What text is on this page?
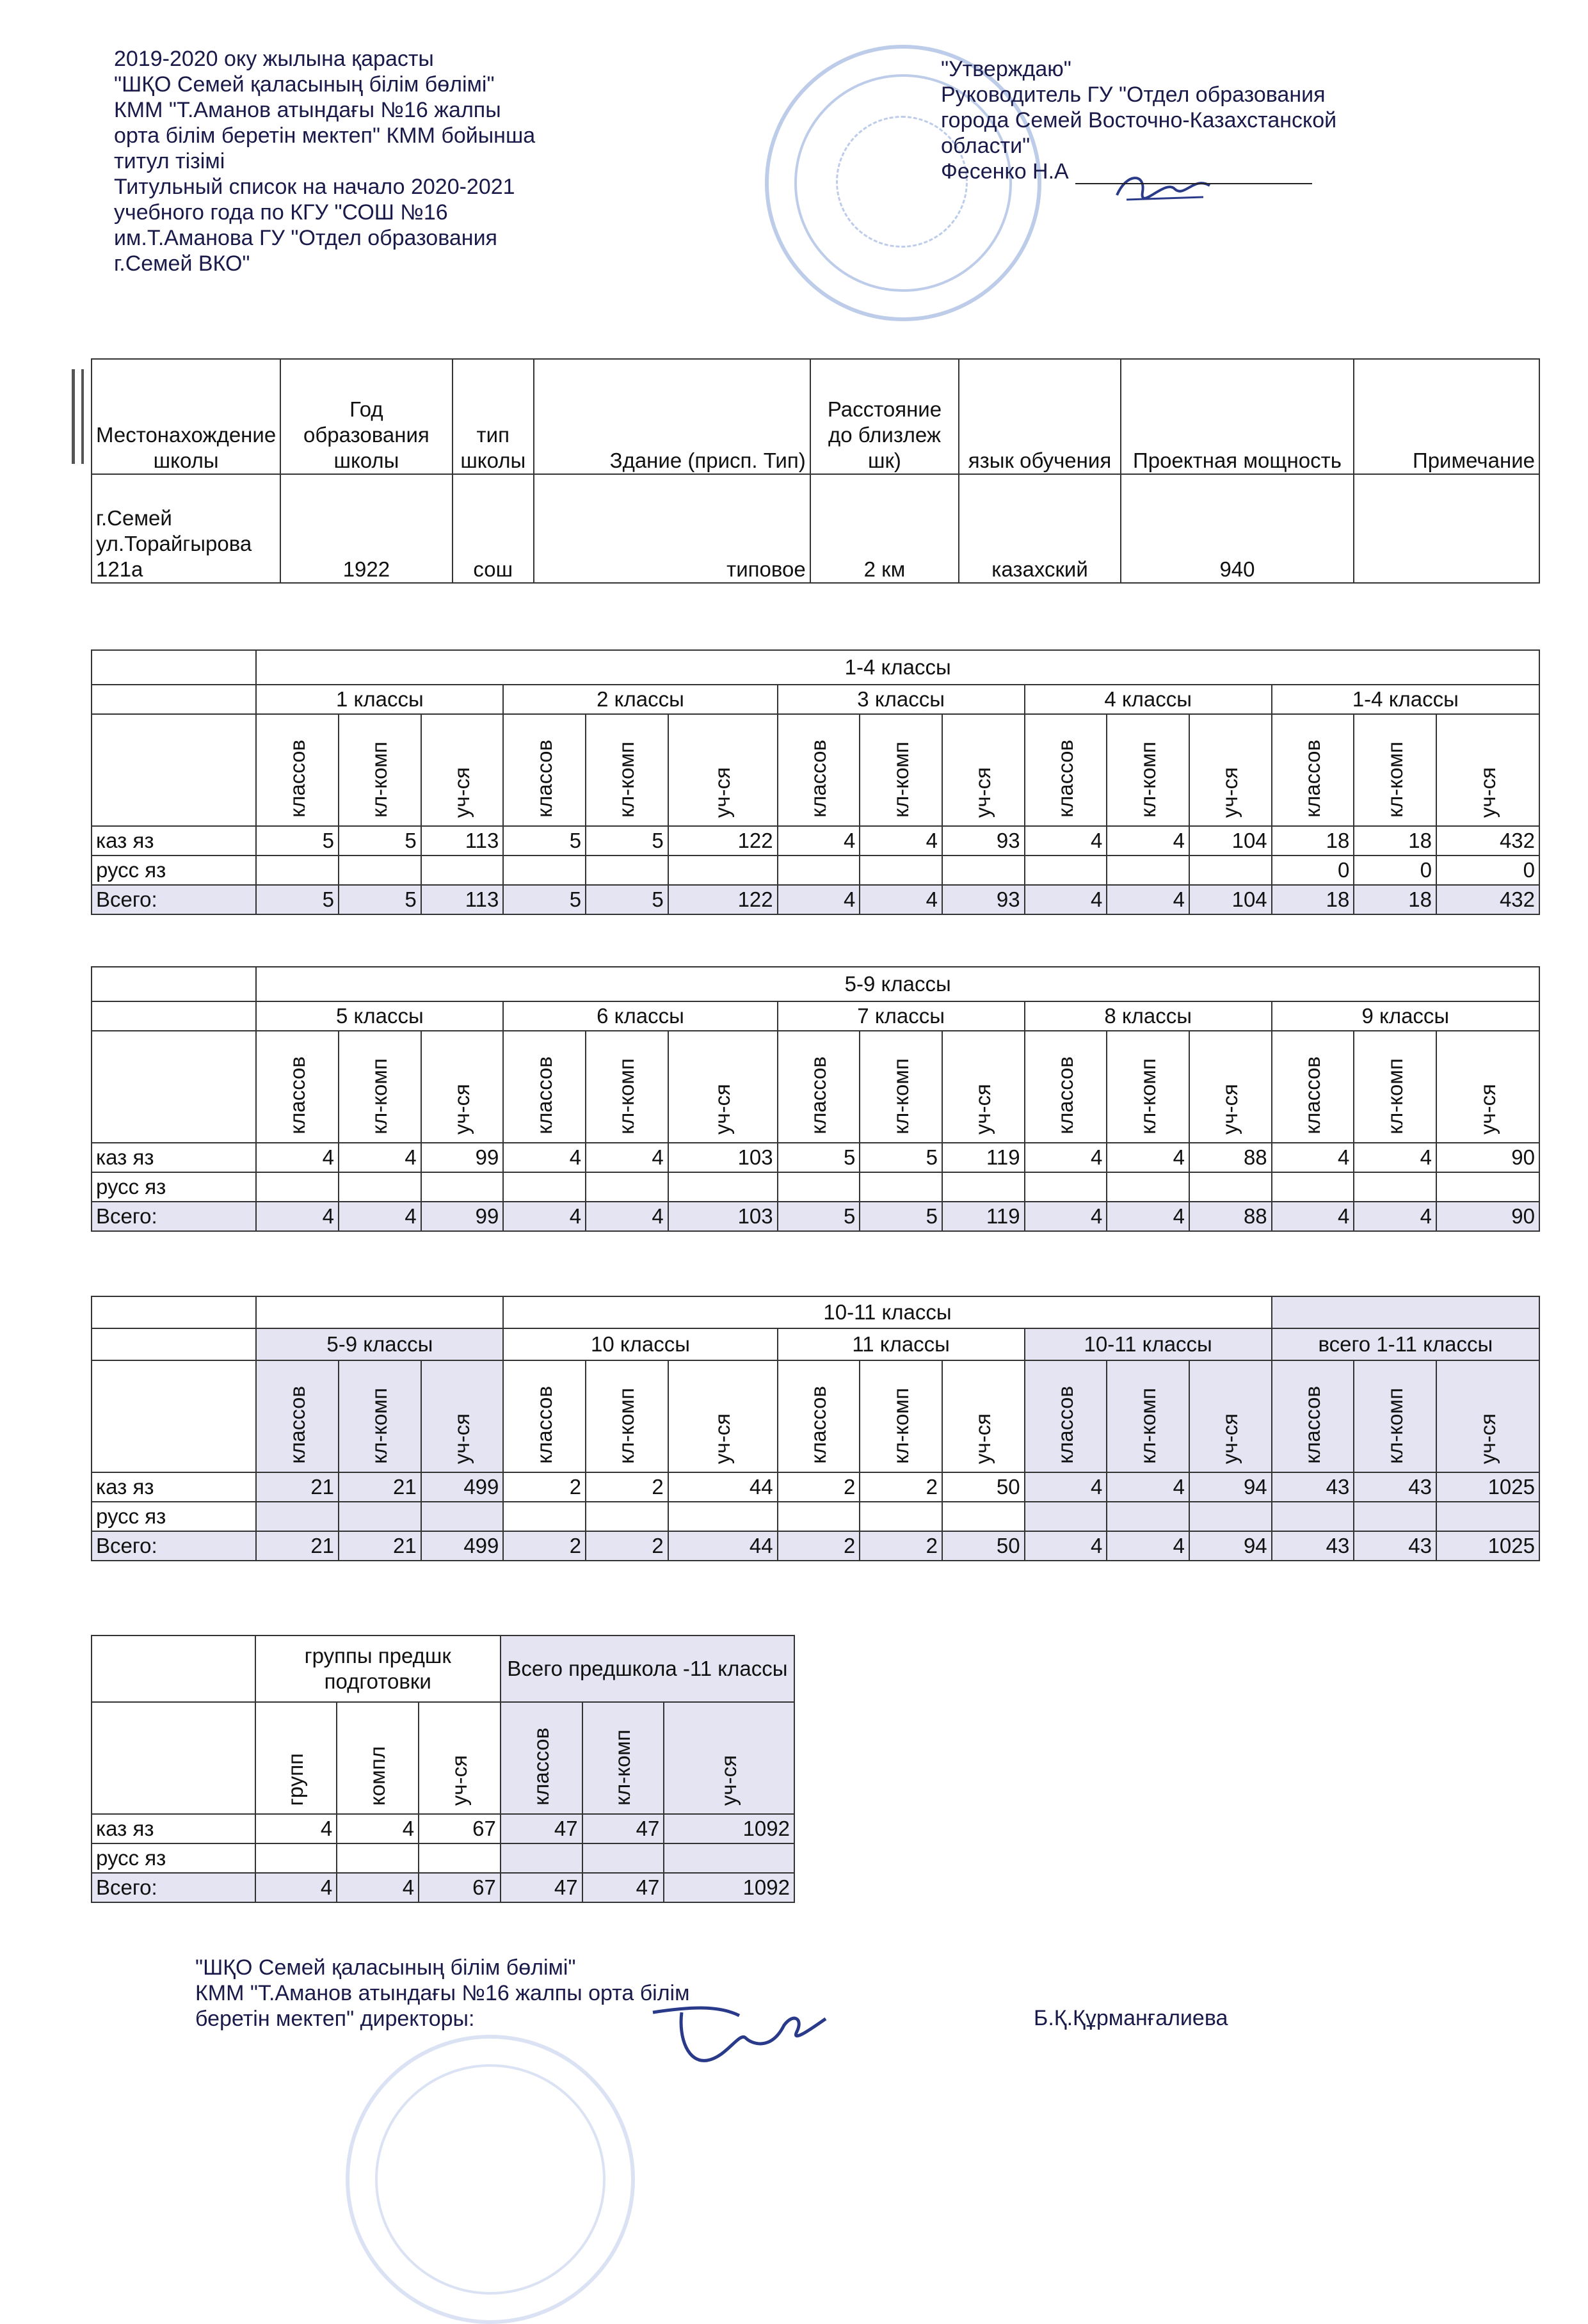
2019-2020 оку жылына қарасты
"ШҚО Семей қаласының білім бөлімі"
КММ "Т.Аманов атындағы №16 жалпы
орта білім беретін мектеп" КММ бойынша
титул тізімі
Титульный список на начало 2020-2021
учебного года по КГУ "СОШ №16
им.Т.Аманова ГУ "Отдел образования
г.Семей ВКО"
"Утверждаю"
Руководитель ГУ "Отдел образования
города Семей Восточно-Казахстанской
области"
Фесенко Н.А
Местонахождение школы	Год образования школы	тип школы	Здание (присп. Тип)	Расстояние до близлеж шк)	язык обучения	Проектная мощность	Примечание
г.Семей ул.Торайгырова 121а	1922	сош	типовое	2 км	казахский	940	
	1-4 классы														
	1 классы			2 классы			3 классы			4 классы			1-4 классы		
	классов	кл-комп	уч-ся	классов	кл-комп	уч-ся	классов	кл-комп	уч-ся	классов	кл-комп	уч-ся	классов	кл-комп	уч-ся
каз яз	5	5	113	5	5	122	4	4	93	4	4	104	18	18	432
русс яз													0	0	0
Всего:	5	5	113	5	5	122	4	4	93	4	4	104	18	18	432
	5-9 классы														
	5 классы			6 классы			7 классы			8 классы			9 классы		
	классов	кл-комп	уч-ся	классов	кл-комп	уч-ся	классов	кл-комп	уч-ся	классов	кл-комп	уч-ся	классов	кл-комп	уч-ся
каз яз	4	4	99	4	4	103	5	5	119	4	4	88	4	4	90
русс яз															
Всего:	4	4	99	4	4	103	5	5	119	4	4	88	4	4	90
				10-11 классы											
	5-9 классы			10 классы			11 классы			10-11 классы			всего 1-11 классы		
	классов	кл-комп	уч-ся	классов	кл-комп	уч-ся	классов	кл-комп	уч-ся	классов	кл-комп	уч-ся	классов	кл-комп	уч-ся
каз яз	21	21	499	2	2	44	2	2	50	4	4	94	43	43	1025
русс яз															
Всего:	21	21	499	2	2	44	2	2	50	4	4	94	43	43	1025
	группы предшк подготовки			Всего предшкола -11 классы		
	групп	компл	уч-ся	классов	кл-комп	уч-ся
каз яз	4	4	67	47	47	1092
русс яз						
Всего:	4	4	67	47	47	1092
"ШҚО Семей қаласының білім бөлімі"
КММ "Т.Аманов атындағы №16 жалпы орта білім
беретін мектеп" директоры:	Б.Қ.Құрманғалиева
